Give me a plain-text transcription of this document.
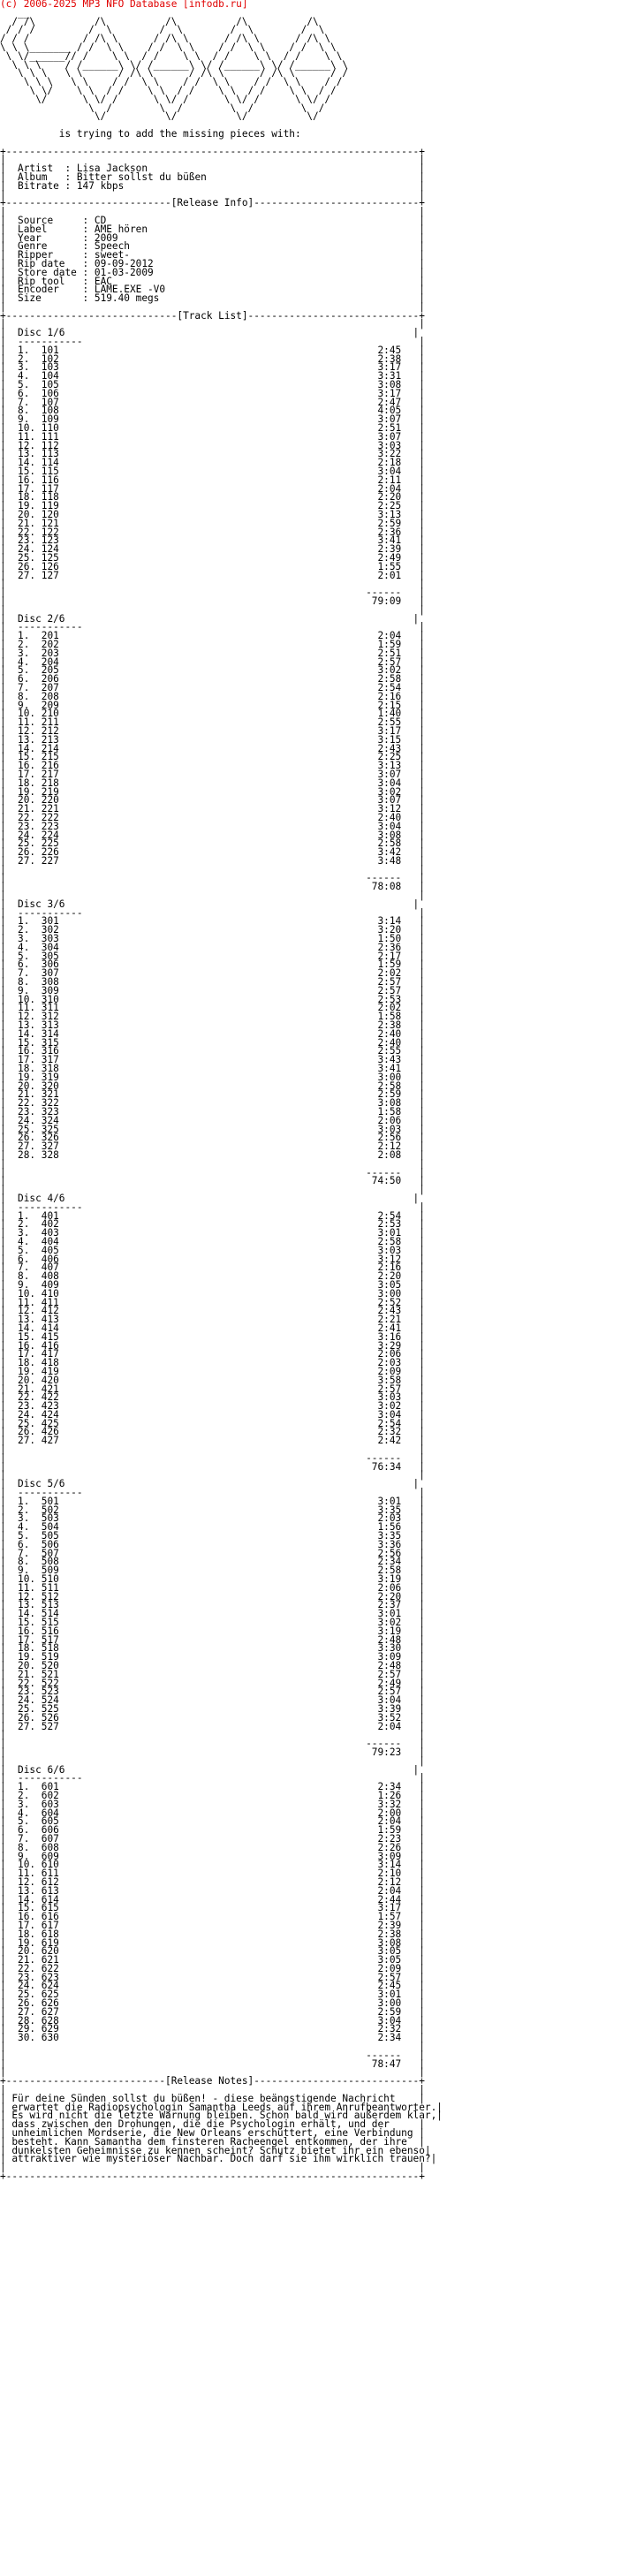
(c) 2006-2025 MP3 NFO Database [infodb.ru]
__
/ /\          /\          /\          /\          /\
/ / /         /  \        /  \        /  \        /  \
/ / /         / /\ \      / /\ \      / /\ \      / /\ \
\ \ \_______ / /  \ \    / /  \ \    / /  \ \    / /  \ \
\ \/______// /    \ \  / /    \ \  / /    \ \  / /    \ \
\ \ \    / /______\ \/ /______\ \/ /______\ \/ /______\ \
\ \ \   \ \      / /\ \      / /\ \      / /\ \      / /
\ \ \   \ \    / /  \ \    / /  \ \    / /  \ \    / /
\ \/    \ \  / /    \ \  / /    \ \  / /    \ \  / /
\/      \ \/ /      \ \/ /      \ \/ /      \ \/ /
\  /        \  /        \  /        \  /
\/          \/          \/          \/
is trying to add the missing pieces with:
+----------------------------------------------------------------------+
|                                                                      |
|  Artist  : Lisa Jackson                                              |
|  Album   : Bitter sollst du büßen                                    |
|  Bitrate : 147 kbps                                                  |
|                                                                      |
+----------------------------[Release Info]----------------------------+
|                                                                      |
|  Source     : CD                                                     |
|  Label      : AME hören                                              |
|  Year       : 2009                                                   |
|  Genre      : Speech                                                 |
|  Ripper     : sweet-                                                 |
|  Rip date   : 09-09-2012                                             |
|  Store date : 01-03-2009                                             |
|  Rip tool   : EAC                                                    |
|  Encoder    : LAME.EXE -V0                                           |
|  Size       : 519.40 megs                                            |
|                                                                      |
+-----------------------------[Track List]-----------------------------+
|                                                                      |
|  Disc 1/6                                                           |
|  -----------                                                         |
|  1.  101	2:45   |
|  2.  102	2:38   |
|  3.  103	3:17   |
|  4.  104	3:31   |
|  5.  105	3:08   |
|  6.  106	3:17   |
|  7.  107	2:47   |
|  8.  108	4:05   |
|  9.  109	3:07   |
|  10. 110	2:51   |
|  11. 111	3:07   |
|  12. 112	3:03   |
|  13. 113	3:22   |
|  14. 114	2:18   |
|  15. 115	3:04   |
|  16. 116	2:11   |
|  17. 117	2:04   |
|  18. 118	2:20   |
|  19. 119	2:25   |
|  20. 120	3:13   |
|  21. 121	2:59   |
|  22. 122	2:36   |
|  23. 123	3:41   |
|  24. 124	2:39   |
|  25. 125	2:49   |
|  26. 126	1:55   |
|  27. 127	2:01   |
|                                                                      |
|                                                             ------   |
|                                                              79:09   |
|                                                                      |
|  Disc 2/6                                                           |
|  -----------                                                         |
|  1.  201	2:04   |
|  2.  202	1:59   |
|  3.  203	2:51   |
|  4.  204	2:57   |
|  5.  205	3:02   |
|  6.  206	2:58   |
|  7.  207	2:54   |
|  8.  208	2:16   |
|  9.  209	2:15   |
|  10. 210	1:40   |
|  11. 211	2:55   |
|  12. 212	3:17   |
|  13. 213	3:15   |
|  14. 214	2:43   |
|  15. 215	2:25   |
|  16. 216	3:13   |
|  17. 217	3:07   |
|  18. 218	3:04   |
|  19. 219	3:02   |
|  20. 220	3:07   |
|  21. 221	3:12   |
|  22. 222	2:40   |
|  23. 223	3:04   |
|  24. 224	3:08   |
|  25. 225	2:58   |
|  26. 226	3:42   |
|  27. 227	3:48   |
|                                                                      |
|                                                             ------   |
|                                                              78:08   |
|                                                                      |
|  Disc 3/6                                                           |
|  -----------                                                         |
|  1.  301	3:14   |
|  2.  302	3:20   |
|  3.  303	1:50   |
|  4.  304	2:36   |
|  5.  305	2:17   |
|  6.  306	1:59   |
|  7.  307	2:02   |
|  8.  308	2:57   |
|  9.  309	2:57   |
|  10. 310	2:53   |
|  11. 311	2:02   |
|  12. 312	1:58   |
|  13. 313	2:38   |
|  14. 314	2:40   |
|  15. 315	2:40   |
|  16. 316	2:55   |
|  17. 317	3:43   |
|  18. 318	3:41   |
|  19. 319	3:00   |
|  20. 320	2:58   |
|  21. 321	2:59   |
|  22. 322	3:08   |
|  23. 323	1:58   |
|  24. 324	2:06   |
|  25. 325	3:03   |
|  26. 326	2:56   |
|  27. 327	2:12   |
|  28. 328	2:08   |
|                                                                      |
|                                                             ------   |
|                                                              74:50   |
|                                                                      |
|  Disc 4/6                                                           |
|  -----------                                                         |
|  1.  401	2:54   |
|  2.  402	2:53   |
|  3.  403	3:01   |
|  4.  404	2:58   |
|  5.  405	3:03   |
|  6.  406	3:12   |
|  7.  407	2:16   |
|  8.  408	2:20   |
|  9.  409	3:05   |
|  10. 410	3:00   |
|  11. 411	2:52   |
|  12. 412	2:43   |
|  13. 413	2:21   |
|  14. 414	2:41   |
|  15. 415	3:16   |
|  16. 416	3:29   |
|  17. 417	2:06   |
|  18. 418	2:03   |
|  19. 419	2:09   |
|  20. 420	3:58   |
|  21. 421	2:57   |
|  22. 422	3:03   |
|  23. 423	3:02   |
|  24. 424	3:04   |
|  25. 425	2:54   |
|  26. 426	2:32   |
|  27. 427	2:42   |
|                                                                      |
|                                                             ------   |
|                                                              76:34   |
|                                                                      |
|  Disc 5/6                                                           |
|  -----------                                                         |
|  1.  501	3:01   |
|  2.  502	3:35   |
|  3.  503	2:03   |
|  4.  504	1:56   |
|  5.  505	3:35   |
|  6.  506	3:36   |
|  7.  507	2:56   |
|  8.  508	2:34   |
|  9.  509	2:58   |
|  10. 510	3:19   |
|  11. 511	2:06   |
|  12. 512	2:20   |
|  13. 513	2:37   |
|  14. 514	3:01   |
|  15. 515	3:02   |
|  16. 516	3:19   |
|  17. 517	2:48   |
|  18. 518	3:30   |
|  19. 519	3:09   |
|  20. 520	2:48   |
|  21. 521	2:57   |
|  22. 522	2:49   |
|  23. 523	2:57   |
|  24. 524	3:04   |
|  25. 525	3:39   |
|  26. 526	3:52   |
|  27. 527	2:04   |
|                                                                      |
|                                                             ------   |
|                                                              79:23   |
|                                                                      |
|  Disc 6/6                                                           |
|  -----------                                                         |
|  1.  601	2:34   |
|  2.  602	1:26   |
|  3.  603	3:32   |
|  4.  604	2:00   |
|  5.  605	2:04   |
|  6.  606	1:59   |
|  7.  607	2:23   |
|  8.  608	2:26   |
|  9.  609	3:09   |
|  10. 610	3:14   |
|  11. 611	2:10   |
|  12. 612	2:12   |
|  13. 613	2:04   |
|  14. 614	2:44   |
|  15. 615	3:17   |
|  16. 616	1:57   |
|  17. 617	2:39   |
|  18. 618	2:38   |
|  19. 619	3:08   |
|  20. 620	3:05   |
|  21. 621	3:05   |
|  22. 622	2:09   |
|  23. 623	2:57   |
|  24. 624	2:45   |
|  25. 625	3:01   |
|  26. 626	3:00   |
|  27. 627	2:59   |
|  28. 628	3:04   |
|  29. 629	2:32   |
|  30. 630	2:34   |
|                                                                      |
|                                                             ------   |
|                                                              78:47   |
|                                                                      |
+---------------------------[Release Notes]----------------------------+
|                                                                      |
| Für deine Sünden sollst du büßen! - diese beängstigende Nachricht    |
| erwartet die Radiopsychologin Samantha Leeds auf ihrem Anrufbeantworter.|
| Es wird nicht die letzte Warnung bleiben. Schon bald wird außerdem klar,|
| dass zwischen den Drohungen, die die Psychologin erhält, und der     |
| unheimlichen Mordserie, die New Orleans erschüttert, eine Verbindung |
| besteht. Kann Samantha dem finsteren Racheengel entkommen, der ihre  |
| dunkelsten Geheimnisse zu kennen scheint? Schutz bietet ihr ein ebenso|
| attraktiver wie mysteriöser Nachbar. Doch darf sie ihm wirklich trauen?|
|                                                                      |
+----------------------------------------------------------------------+
